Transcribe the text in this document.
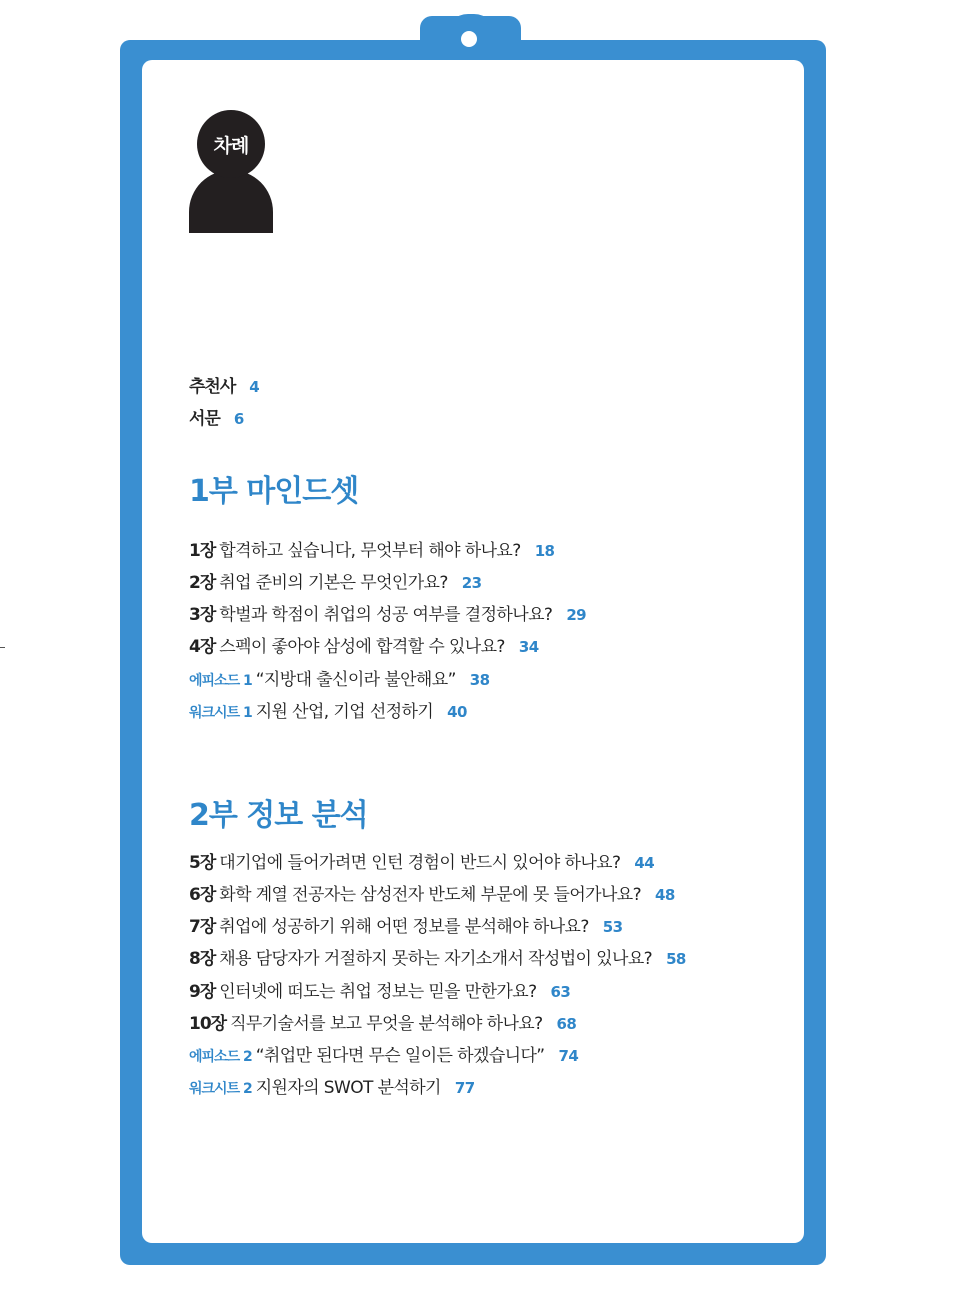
차례
추천사 4
서문 6
1부 마인드셋
1장 합격하고 싶습니다, 무엇부터 해야 하나요? 18
2장 취업 준비의 기본은 무엇인가요? 23
3장 학벌과 학점이 취업의 성공 여부를 결정하나요? 29
4장 스펙이 좋아야 삼성에 합격할 수 있나요? 34
에피소드 1 “지방대 출신이라 불안해요” 38
워크시트 1 지원 산업, 기업 선정하기 40
2부 정보 분석
5장 대기업에 들어가려면 인턴 경험이 반드시 있어야 하나요? 44
6장 화학 계열 전공자는 삼성전자 반도체 부문에 못 들어가나요? 48
7장 취업에 성공하기 위해 어떤 정보를 분석해야 하나요? 53
8장 채용 담당자가 거절하지 못하는 자기소개서 작성법이 있나요? 58
9장 인터넷에 떠도는 취업 정보는 믿을 만한가요? 63
10장 직무기술서를 보고 무엇을 분석해야 하나요? 68
에피소드 2 “취업만 된다면 무슨 일이든 하겠습니다” 74
워크시트 2 지원자의 SWOT 분석하기 77
